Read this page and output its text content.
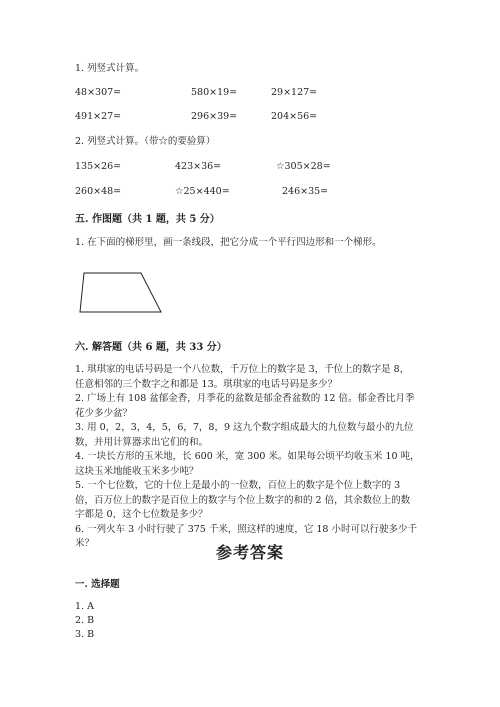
1. 列竖式计算。
48×307=	580×19=	29×127=
491×27=	296×39=	204×56=
2. 列竖式计算。（带☆的要验算）
135×26=	423×36=	☆305×28=
260×48=	☆25×440=	246×35=
五. 作图题（共 1 题，共 5 分）
1. 在下面的梯形里，画一条线段，把它分成一个平行四边形和一个梯形。
六. 解答题（共 6 题，共 33 分）
1. 琪琪家的电话号码是一个八位数，千万位上的数字是 3，千位上的数字是 8，
任意相邻的三个数字之和都是 13。琪琪家的电话号码是多少？
2. 广场上有 108 盆郁金香，月季花的盆数是郁金香盆数的 12 倍。郁金香比月季
花少多少盆？
3. 用 0，2，3，4，5，6，7，8，9 这九个数字组成最大的九位数与最小的九位
数，并用计算器求出它们的和。
4. 一块长方形的玉米地，长 600 米，宽 300 米。如果每公顷平均收玉米 10 吨，
这块玉米地能收玉米多少吨？
5. 一个七位数，它的十位上是最小的一位数，百位上的数字是个位上数字的 3
倍，百万位上的数字是百位上的数字与个位上数字的和的 2 倍，其余数位上的数
字都是 0，这个七位数是多少？
6. 一列火车 3 小时行驶了 375 千米，照这样的速度，它 18 小时可以行驶多少千
米？	参考答案
一. 选择题
1. A
2. B
3. B
